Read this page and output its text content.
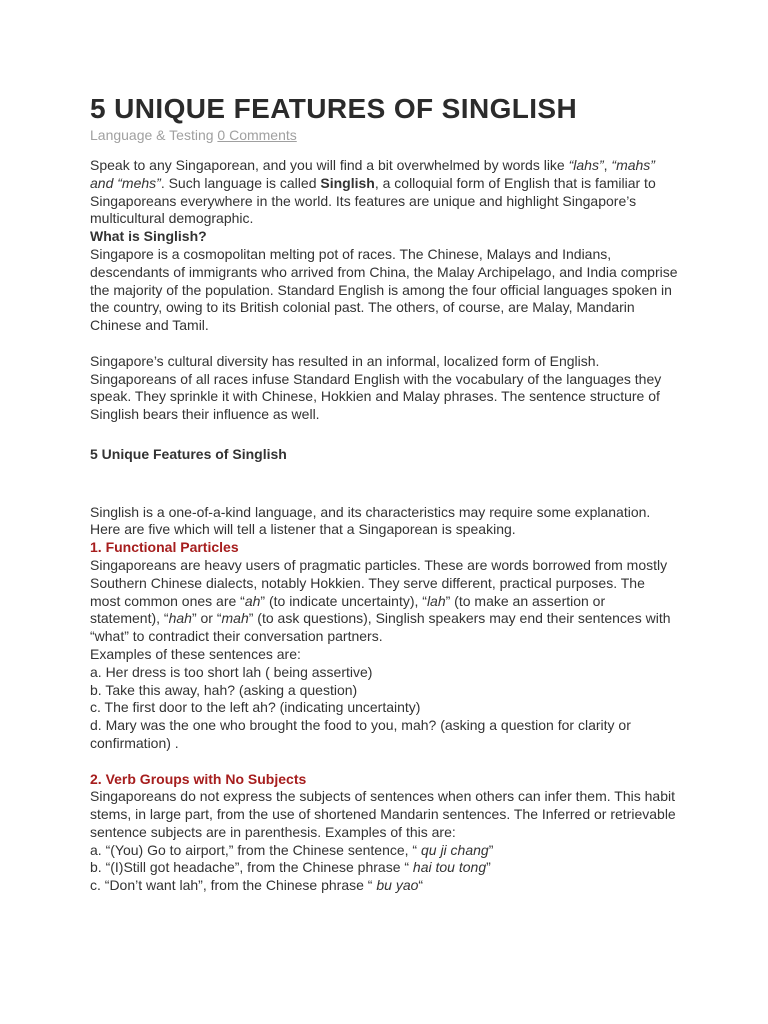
5 UNIQUE FEATURES OF SINGLISH
Language & Testing 0 Comments

Speak to any Singaporean, and you will find a bit overwhelmed by words like “lahs”, “mahs” and “mehs”. Such language is called Singlish, a colloquial form of English that is familiar to Singaporeans everywhere in the world. Its features are unique and highlight Singapore’s multicultural demographic.

What is Singlish?

Singapore is a cosmopolitan melting pot of races. The Chinese, Malays and Indians, descendants of immigrants who arrived from China, the Malay Archipelago, and India comprise the majority of the population. Standard English is among the four official languages spoken in the country, owing to its British colonial past. The others, of course, are Malay, Mandarin Chinese and Tamil.

Singapore’s cultural diversity has resulted in an informal, localized form of English. Singaporeans of all races infuse Standard English with the vocabulary of the languages they speak. They sprinkle it with Chinese, Hokkien and Malay phrases. The sentence structure of Singlish bears their influence as well.

5 Unique Features of Singlish

Singlish is a one-of-a-kind language, and its characteristics may require some explanation. Here are five which will tell a listener that a Singaporean is speaking.

1. Functional Particles

Singaporeans are heavy users of pragmatic particles. These are words borrowed from mostly Southern Chinese dialects, notably Hokkien. They serve different, practical purposes. The most common ones are “ah” (to indicate uncertainty), “lah” (to make an assertion or statement), “hah” or “mah” (to ask questions), Singlish speakers may end their sentences with “what” to contradict their conversation partners.

Examples of these sentences are:

a. Her dress is too short lah ( being assertive)

b. Take this away, hah? (asking a question)

c. The first door to the left ah? (indicating uncertainty)

d. Mary was the one who brought the food to you, mah? (asking a question for clarity or confirmation) .

2. Verb Groups with No Subjects

Singaporeans do not express the subjects of sentences when others can infer them. This habit stems, in large part, from the use of shortened Mandarin sentences. The Inferred or retrievable sentence subjects are in parenthesis. Examples of this are:

a. “(You) Go to airport,” from the Chinese sentence, “ qu ji chang”

b. “(I)Still got headache”, from the Chinese phrase “ hai tou tong”

c. “Don’t want lah”, from the Chinese phrase “ bu yao“
